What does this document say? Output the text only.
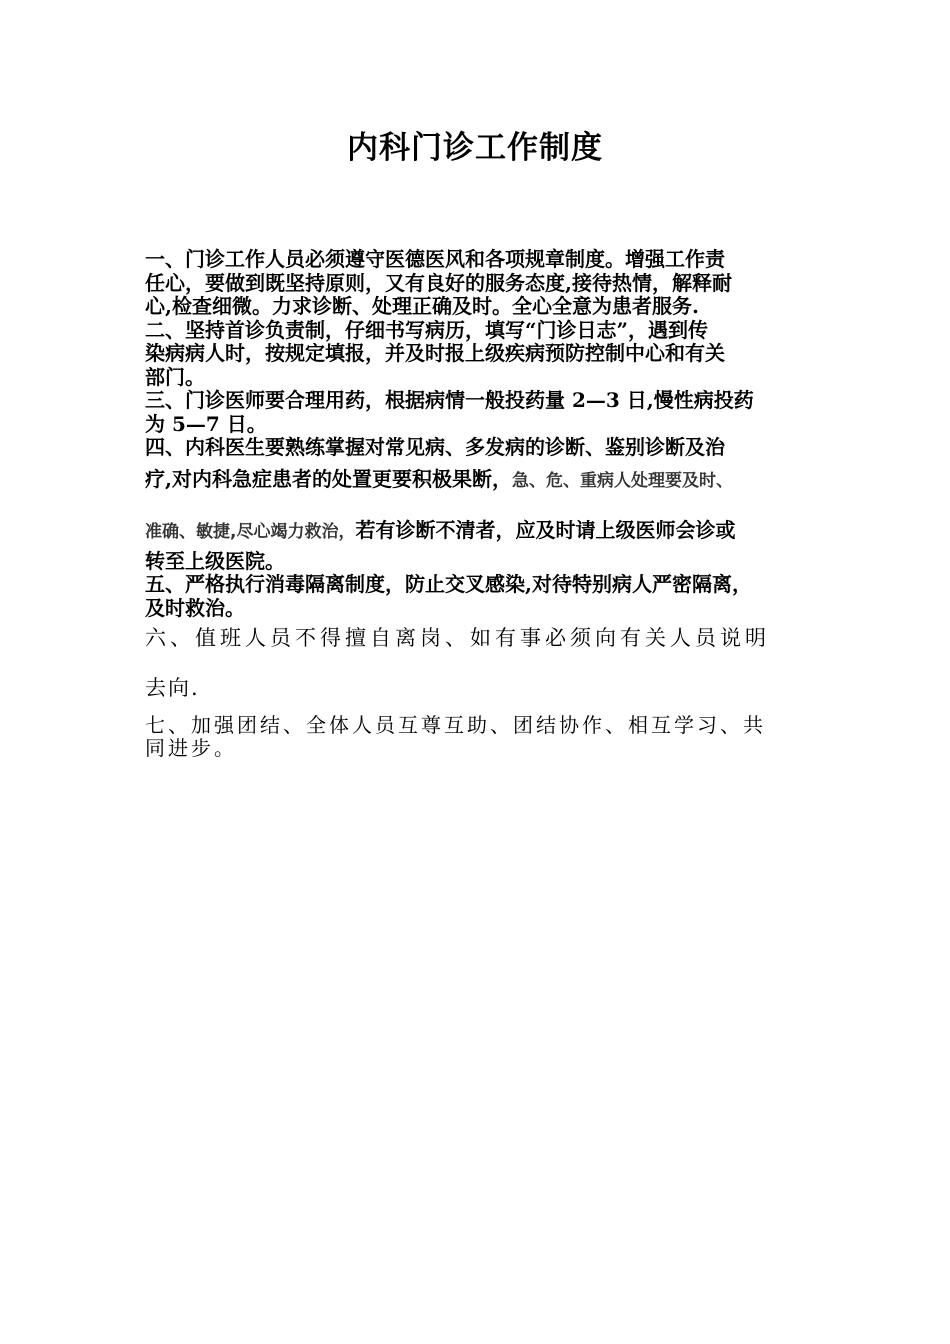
内科门诊工作制度

一、门诊工作人员必须遵守医德医风和各项规章制度。增强工作责
任心，要做到既坚持原则，又有良好的服务态度,接待热情，解释耐
心,检查细微。力求诊断、处理正确及时。全心全意为患者服务.

二、坚持首诊负责制，仔细书写病历，填写“门诊日志”，遇到传
染病病人时，按规定填报，并及时报上级疾病预防控制中心和有关
部门。

三、门诊医师要合理用药，根据病情一般投药量 2—3 日,慢性病投药
为 5—7 日。

四、内科医生要熟练掌握对常见病、多发病的诊断、鉴别诊断及治
疗,对内科急症患者的处置更要积极果断，急、危、重病人处理要及时、
准确、敏捷,尽心竭力救治，若有诊断不清者，应及时请上级医师会诊或
转至上级医院。

五、严格执行消毒隔离制度，防止交叉感染,对待特别病人严密隔离，
及时救治。

六、值班人员不得擅自离岗、如有事必须向有关人员说明
去向.

七、加强团结、全体人员互尊互助、团结协作、相互学习、共
同进步。
